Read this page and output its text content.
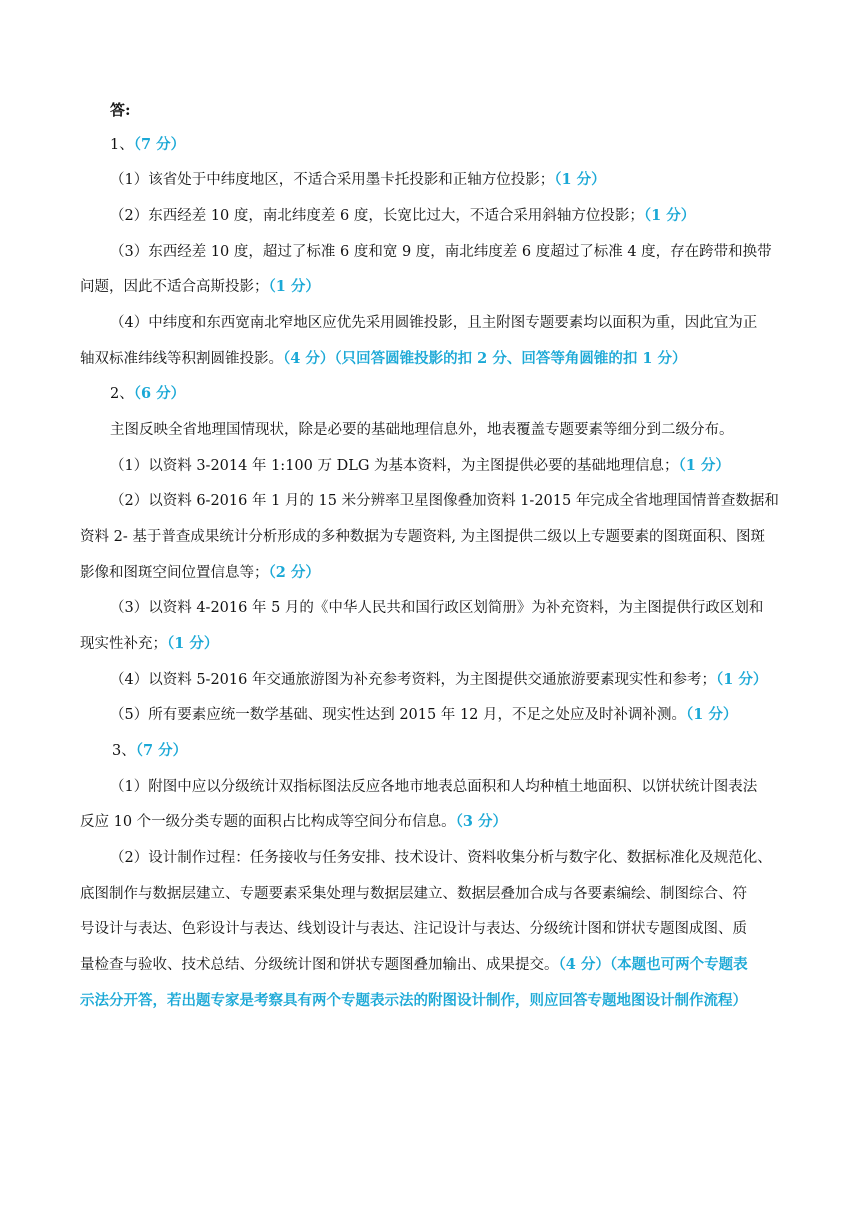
答:
1、（7 分）
（1）该省处于中纬度地区，不适合采用墨卡托投影和正轴方位投影；（1 分）
（2）东西经差 10 度，南北纬度差 6 度，长宽比过大，不适合采用斜轴方位投影；（1 分）
（3）东西经差 10 度，超过了标准 6 度和宽 9 度，南北纬度差 6 度超过了标准 4 度，存在跨带和换带
问题，因此不适合高斯投影；（1 分）
（4）中纬度和东西宽南北窄地区应优先采用圆锥投影，且主附图专题要素均以面积为重，因此宜为正
轴双标准纬线等积割圆锥投影。（4 分）（只回答圆锥投影的扣 2 分、回答等角圆锥的扣 1 分）
2、（6 分）
主图反映全省地理国情现状，除是必要的基础地理信息外，地表覆盖专题要素等细分到二级分布。
（1）以资料 3-2014 年 1:100 万 DLG 为基本资料，为主图提供必要的基础地理信息；（1 分）
（2）以资料 6-2016 年 1 月的 15 米分辨率卫星图像叠加资料 1-2015 年完成全省地理国情普查数据和
资料 2- 基于普查成果统计分析形成的多种数据为专题资料, 为主图提供二级以上专题要素的图斑面积、图斑
影像和图斑空间位置信息等；（2 分）
（3）以资料 4-2016 年 5 月的《中华人民共和国行政区划简册》为补充资料，为主图提供行政区划和
现实性补充；（1 分）
（4）以资料 5-2016 年交通旅游图为补充参考资料，为主图提供交通旅游要素现实性和参考；（1 分）
（5）所有要素应统一数学基础、现实性达到 2015 年 12 月，不足之处应及时补调补测。（1 分）
3、（7 分）
（1）附图中应以分级统计双指标图法反应各地市地表总面积和人均种植土地面积、以饼状统计图表法
反应 10 个一级分类专题的面积占比构成等空间分布信息。（3 分）
（2）设计制作过程：任务接收与任务安排、技术设计、资料收集分析与数字化、数据标准化及规范化、
底图制作与数据层建立、专题要素采集处理与数据层建立、数据层叠加合成与各要素编绘、制图综合、符
号设计与表达、色彩设计与表达、线划设计与表达、注记设计与表达、分级统计图和饼状专题图成图、质
量检查与验收、技术总结、分级统计图和饼状专题图叠加输出、成果提交。（4 分）（本题也可两个专题表
示法分开答，若出题专家是考察具有两个专题表示法的附图设计制作，则应回答专题地图设计制作流程）
